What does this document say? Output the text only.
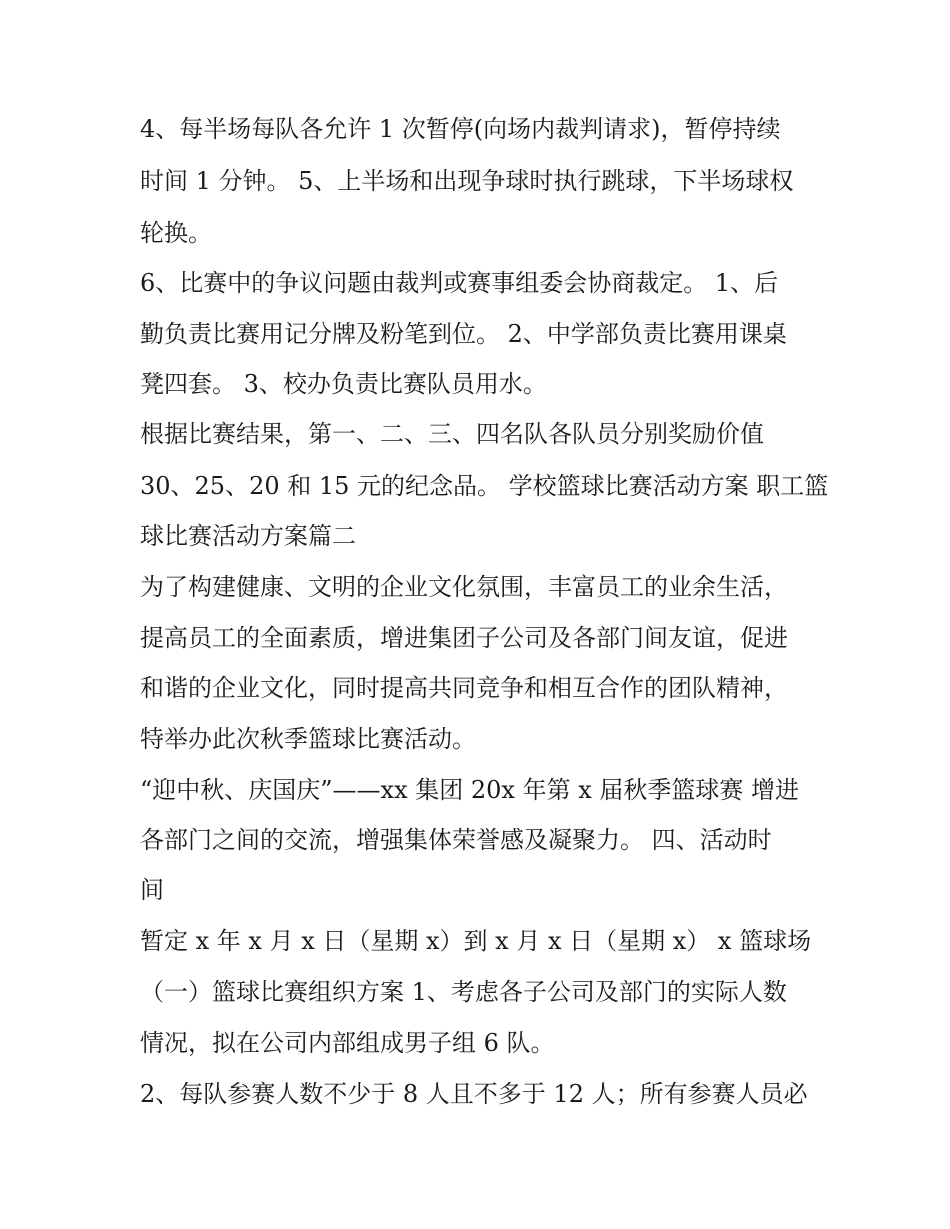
4、每半场每队各允许 1 次暂停(向场内裁判请求)，暂停持续
时间 1 分钟。 5、上半场和出现争球时执行跳球，下半场球权
轮换。
6、比赛中的争议问题由裁判或赛事组委会协商裁定。 1、后
勤负责比赛用记分牌及粉笔到位。 2、中学部负责比赛用课桌
凳四套。 3、校办负责比赛队员用水。
根据比赛结果，第一、二、三、四名队各队员分别奖励价值
30、25、20 和 15 元的纪念品。 学校篮球比赛活动方案 职工篮
球比赛活动方案篇二
为了构建健康、文明的企业文化氛围，丰富员工的业余生活，
提高员工的全面素质，增进集团子公司及各部门间友谊，促进
和谐的企业文化，同时提高共同竞争和相互合作的团队精神，
特举办此次秋季篮球比赛活动。
“迎中秋、庆国庆”——xx 集团 20x 年第 x 届秋季篮球赛 增进
各部门之间的交流，增强集体荣誉感及凝聚力。 四、活动时
间
暂定 x 年 x 月 x 日（星期 x）到 x 月 x 日（星期 x） x 篮球场
（一）篮球比赛组织方案 1、考虑各子公司及部门的实际人数
情况，拟在公司内部组成男子组 6 队。
2、每队参赛人数不少于 8 人且不多于 12 人；所有参赛人员必
